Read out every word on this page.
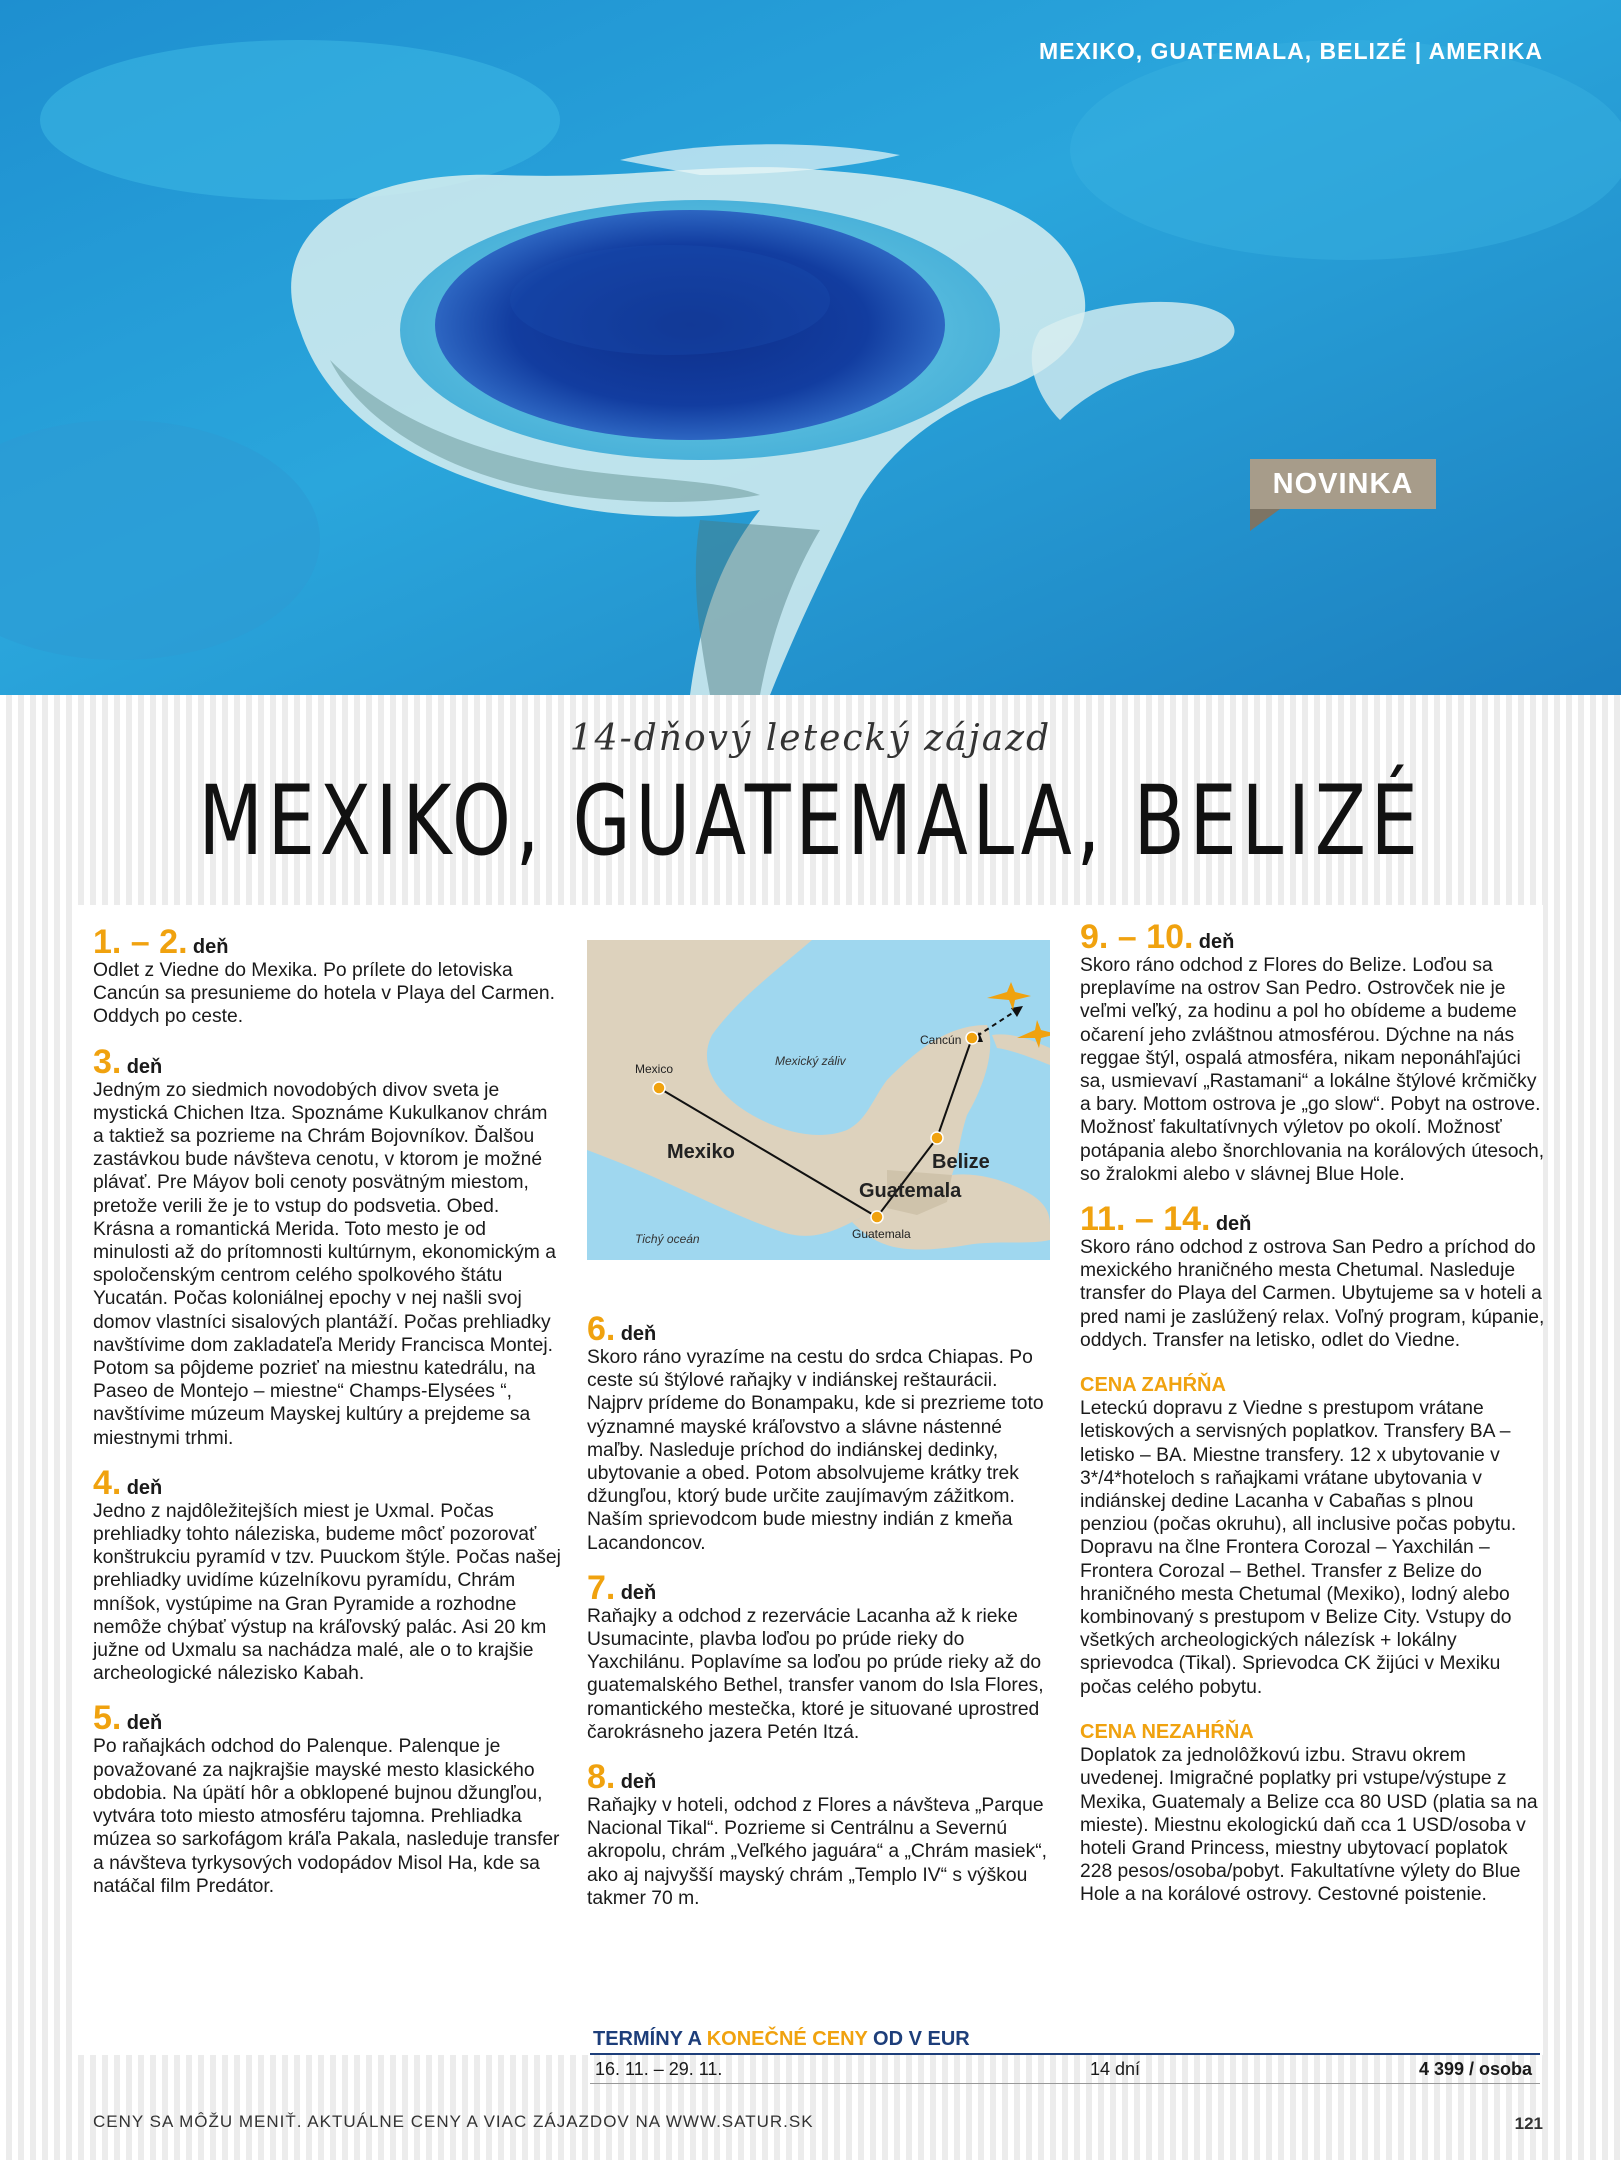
MEXIKO, GUATEMALA, BELIZÉ | AMERIKA
NOVINKA
14-dňový letecký zájazd
MEXIKO, GUATEMALA, BELIZÉ
1. – 2. deň

Odlet z Viedne do Mexika. Po prílete do letoviska Cancún sa presunieme do hotela v Playa del Carmen. Oddych po ceste.

3. deň

Jedným zo siedmich novodobých divov sveta je mystická Chichen Itza. Spoznáme Kukulkanov chrám a taktiež sa pozrieme na Chrám Bojovníkov. Ďalšou zastávkou bude návšteva cenotu, v ktorom je možné plávať. Pre Máyov boli cenoty posvätným miestom, pretože verili že je to vstup do podsvetia. Obed. Krásna a romantická Merida. Toto mesto je od minulosti až do prítomnosti kultúrnym, ekonomickým a spoločenským centrom celého spolkového štátu Yucatán. Počas koloniálnej epochy v nej našli svoj domov vlastníci sisalových plantáží. Počas prehliadky navštívime dom zakladateľa Meridy Francisca Montej. Potom sa pôjdeme pozrieť na miestnu katedrálu, na Paseo de Montejo – miestne“ Champs-Elysées “, navštívime múzeum Mayskej kultúry a prejdeme sa miestnymi trhmi.

4. deň

Jedno z najdôležitejších miest je Uxmal. Počas prehliadky tohto náleziska, budeme môcť pozorovať konštrukciu pyramíd v tzv. Puuckom štýle. Počas našej prehliadky uvidíme kúzelníkovu pyramídu, Chrám mníšok, vystúpime na Gran Pyramide a rozhodne nemôže chýbať výstup na kráľovský palác. Asi 20 km južne od Uxmalu sa nachádza malé, ale o to krajšie archeologické nálezisko Kabah.

5. deň

Po raňajkách odchod do Palenque. Palenque je považované za najkrajšie mayské mesto klasického obdobia. Na úpätí hôr a obklopené bujnou džungľou, vytvára toto miesto atmosféru tajomna. Prehliadka múzea so sarkofágom kráľa Pakala, nasleduje transfer a návšteva tyrkysových vodopádov Misol Ha, kde sa natáčal film Predátor.

Mexico
Mexický záliv
Cancún
Mexiko	Belize
Guatemala
Guatemala
Tichý oceán
6. deň

Skoro ráno vyrazíme na cestu do srdca Chiapas. Po ceste sú štýlové raňajky v indiánskej reštaurácii. Najprv prídeme do Bonampaku, kde si prezrieme toto významné mayské kráľovstvo a slávne nástenné maľby. Nasleduje príchod do indiánskej dedinky, ubytovanie a obed. Potom absolvujeme krátky trek džungľou, ktorý bude určite zaujímavým zážitkom. Naším sprievodcom bude miestny indián z kmeňa Lacandoncov.

7. deň

Raňajky a odchod z rezervácie Lacanha až k rieke Usumacinte, plavba loďou po prúde rieky do Yaxchilánu. Poplavíme sa loďou po prúde rieky až do guatemalského Bethel, transfer vanom do Isla Flores, romantického mestečka, ktoré je situované uprostred čarokrásneho jazera Petén Itzá.

8. deň

Raňajky v hoteli, odchod z Flores a návšteva „Parque Nacional Tikal“. Pozrieme si Centrálnu a Severnú akropolu, chrám „Veľkého jaguára“ a „Chrám masiek“, ako aj najvyšší mayský chrám „Templo IV“ s výškou takmer 70 m.

9. – 10. deň

Skoro ráno odchod z Flores do Belize. Loďou sa preplavíme na ostrov San Pedro. Ostrovček nie je veľmi veľký, za hodinu a pol ho obídeme a budeme očarení jeho zvláštnou atmosférou. Dýchne na nás reggae štýl, ospalá atmosféra, nikam neponáhľajúci sa, usmievaví „Rastamani“ a lokálne štýlové krčmičky a bary. Mottom ostrova je „go slow“. Pobyt na ostrove. Možnosť fakultatívnych výletov po okolí. Možnosť potápania alebo šnorchlovania na korálových útesoch, so žralokmi alebo v slávnej Blue Hole.

11. – 14. deň

Skoro ráno odchod z ostrova San Pedro a príchod do mexického hraničného mesta Chetumal. Nasleduje transfer do Playa del Carmen. Ubytujeme sa v hoteli a pred nami je zaslúžený relax. Voľný program, kúpanie, oddych. Transfer na letisko, odlet do Viedne.

CENA ZAHŔŇA

Leteckú dopravu z Viedne s prestupom vrátane letiskových a servisných poplatkov. Transfery BA – letisko – BA. Miestne transfery. 12 x ubytovanie v 3*/4*hoteloch s raňajkami vrátane ubytovania v indiánskej dedine Lacanha v Cabañas s plnou penziou (počas okruhu), all inclusive počas pobytu. Dopravu na člne Frontera Corozal – Yaxchilán – Frontera Corozal – Bethel. Transfer z Belize do hraničného mesta Chetumal (Mexiko), lodný alebo kombinovaný s prestupom v Belize City. Vstupy do všetkých archeologických nálezísk + lokálny sprievodca (Tikal). Sprievodca CK žijúci v Mexiku počas celého pobytu.

CENA NEZAHŔŇA

Doplatok za jednolôžkovú izbu. Stravu okrem uvedenej. Imigračné poplatky pri vstupe/výstupe z Mexika, Guatemaly a Belize cca 80 USD (platia sa na mieste). Miestnu ekologickú daň cca 1 USD/osoba v hoteli Grand Princess, miestny ubytovací poplatok 228 pesos/osoba/pobyt. Fakultatívne výlety do Blue Hole a na korálové ostrovy. Cestovné poistenie.

TERMÍNY A KONEČNÉ CENY OD V EUR
16. 11. – 29. 11.	14 dní	4 399 / osoba
CENY SA MÔŽU MENIŤ. AKTUÁLNE CENY A VIAC ZÁJAZDOV NA WWW.SATUR.SK	121
